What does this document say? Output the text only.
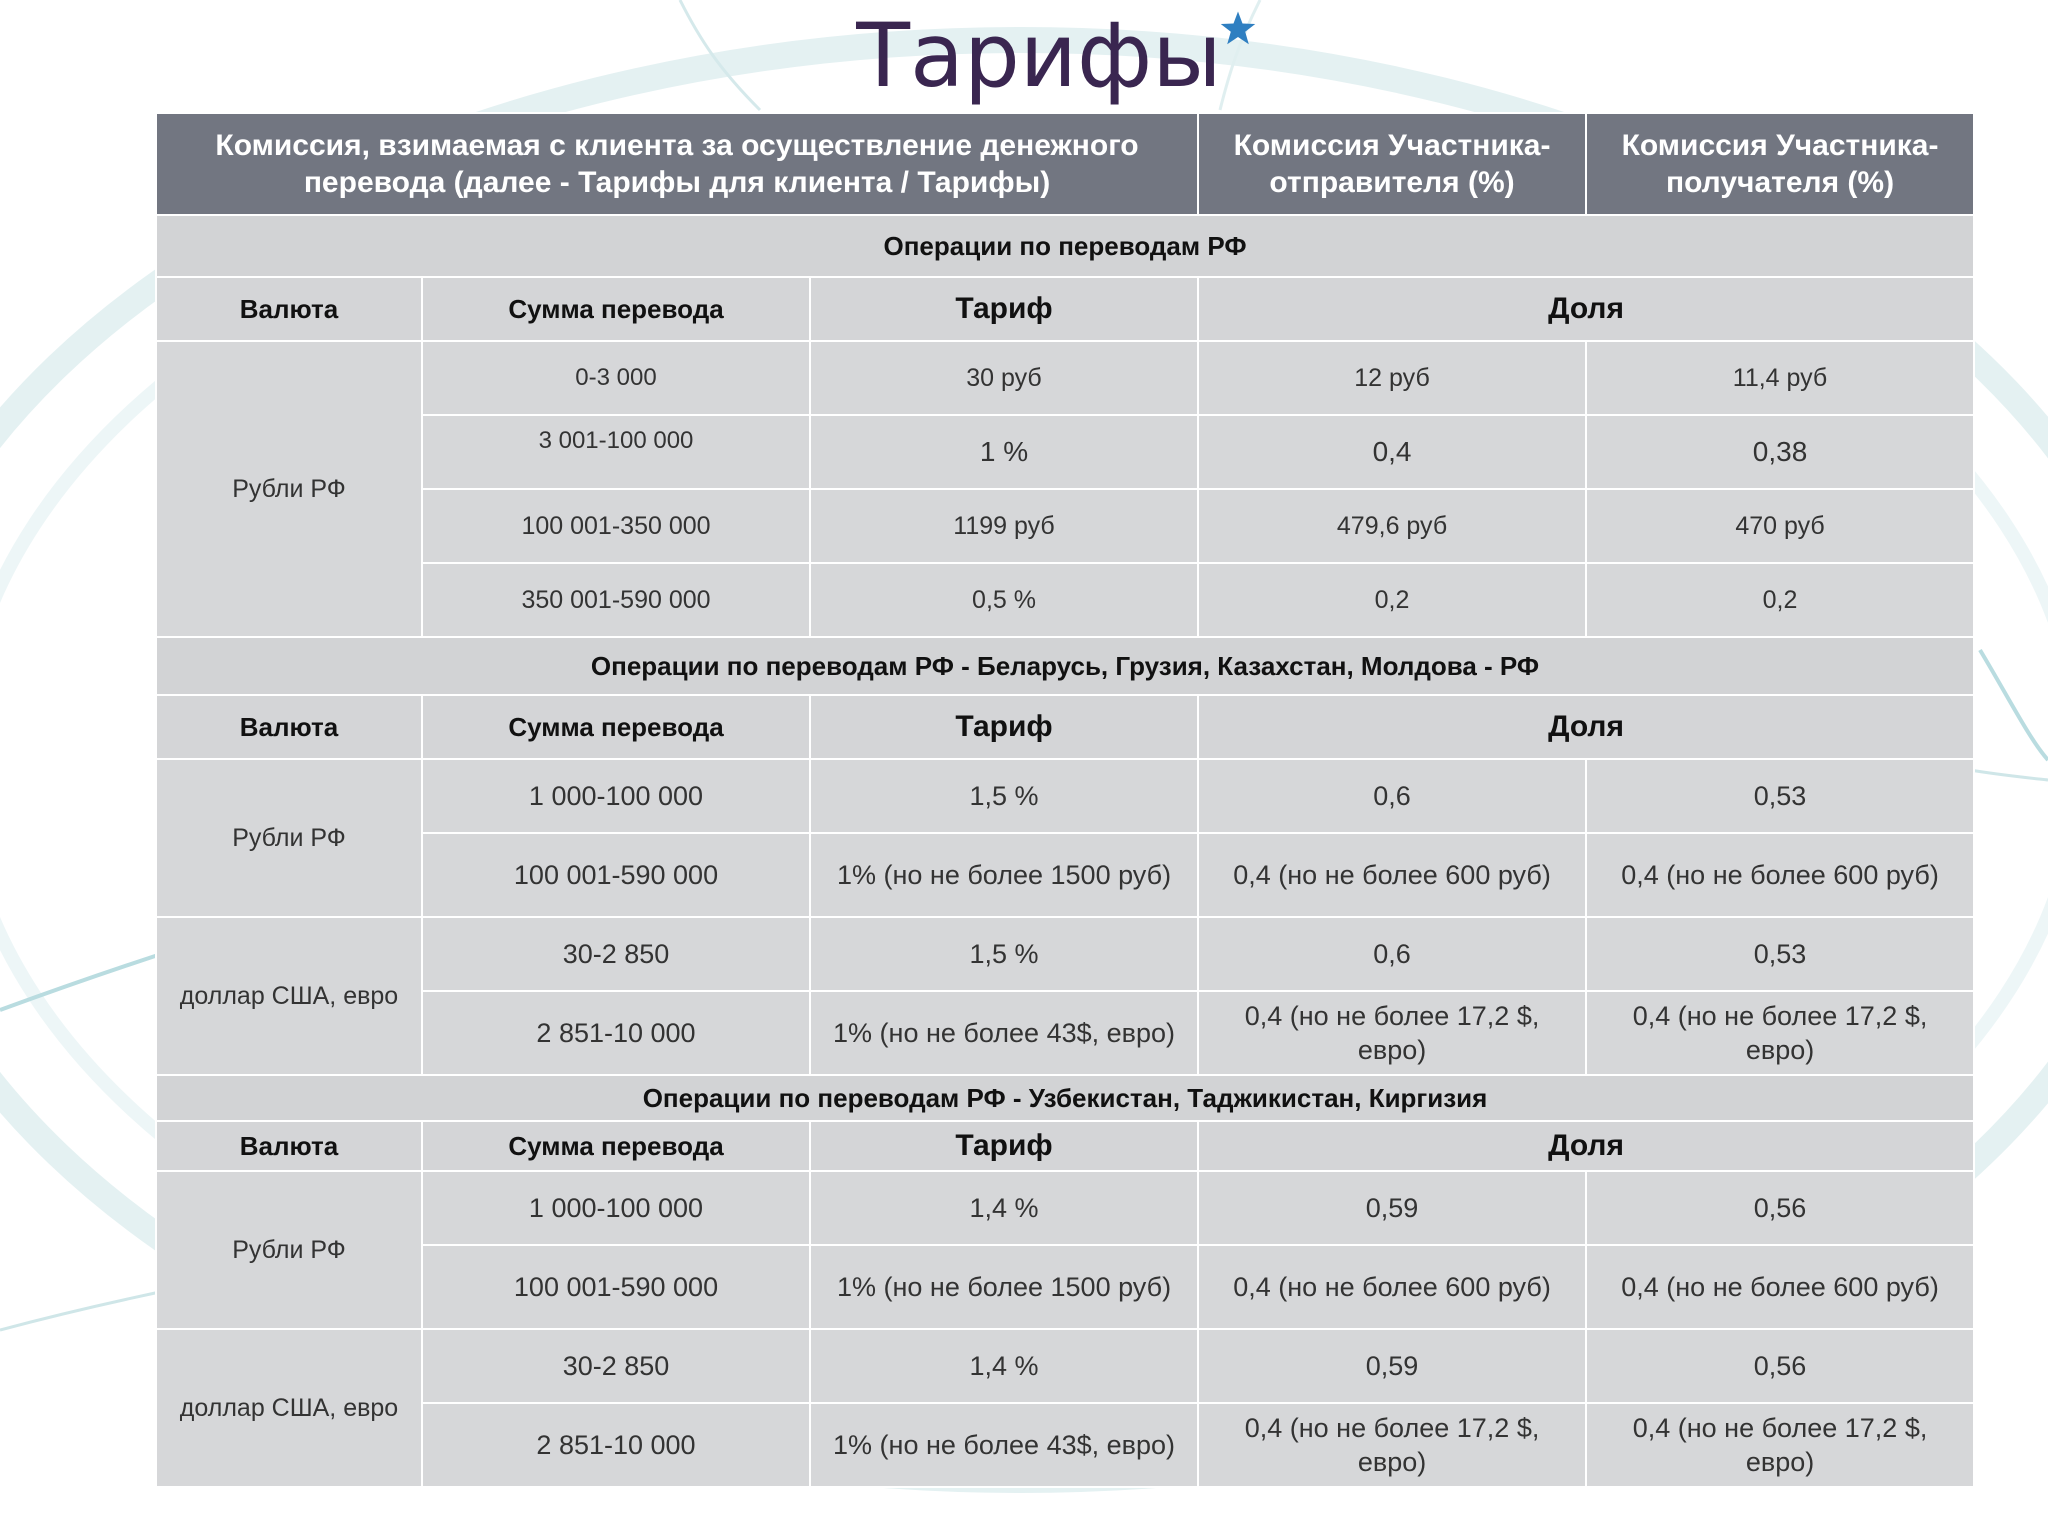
Тарифы
Комиссия, взимаемая с клиента за осуществление денежного перевода (далее - Тарифы для клиента / Тарифы)			Комиссия Участника-отправителя (%)	Комиссия Участника-получателя (%)
Операции по переводам РФ				
Валюта	Сумма перевода	Тариф	Доля	
Рубли РФ	0-3 000	30 руб	12 руб	11,4 руб
	3 001-100 000	1 %	0,4	0,38
	100 001-350 000	1199 руб	479,6 руб	470 руб
	350 001-590 000	0,5 %	0,2	0,2
Операции по переводам РФ - Беларусь, Грузия, Казахстан, Молдова - РФ				
Валюта	Сумма перевода	Тариф	Доля	
Рубли РФ	1 000-100 000	1,5 %	0,6	0,53
	100 001-590 000	1% (но не более 1500 руб)	0,4 (но не более 600 руб)	0,4 (но не более 600 руб)
доллар США, евро	30-2 850	1,5 %	0,6	0,53
	2 851-10 000	1% (но не более 43$, евро)	0,4 (но не более 17,2 $, евро)	0,4 (но не более 17,2 $, евро)
Операции по переводам РФ - Узбекистан, Таджикистан, Киргизия				
Валюта	Сумма перевода	Тариф	Доля	
Рубли РФ	1 000-100 000	1,4 %	0,59	0,56
	100 001-590 000	1% (но не более 1500 руб)	0,4 (но не более 600 руб)	0,4 (но не более 600 руб)
доллар США, евро	30-2 850	1,4 %	0,59	0,56
	2 851-10 000	1% (но не более 43$, евро)	0,4 (но не более 17,2 $, евро)	0,4 (но не более 17,2 $, евро)
